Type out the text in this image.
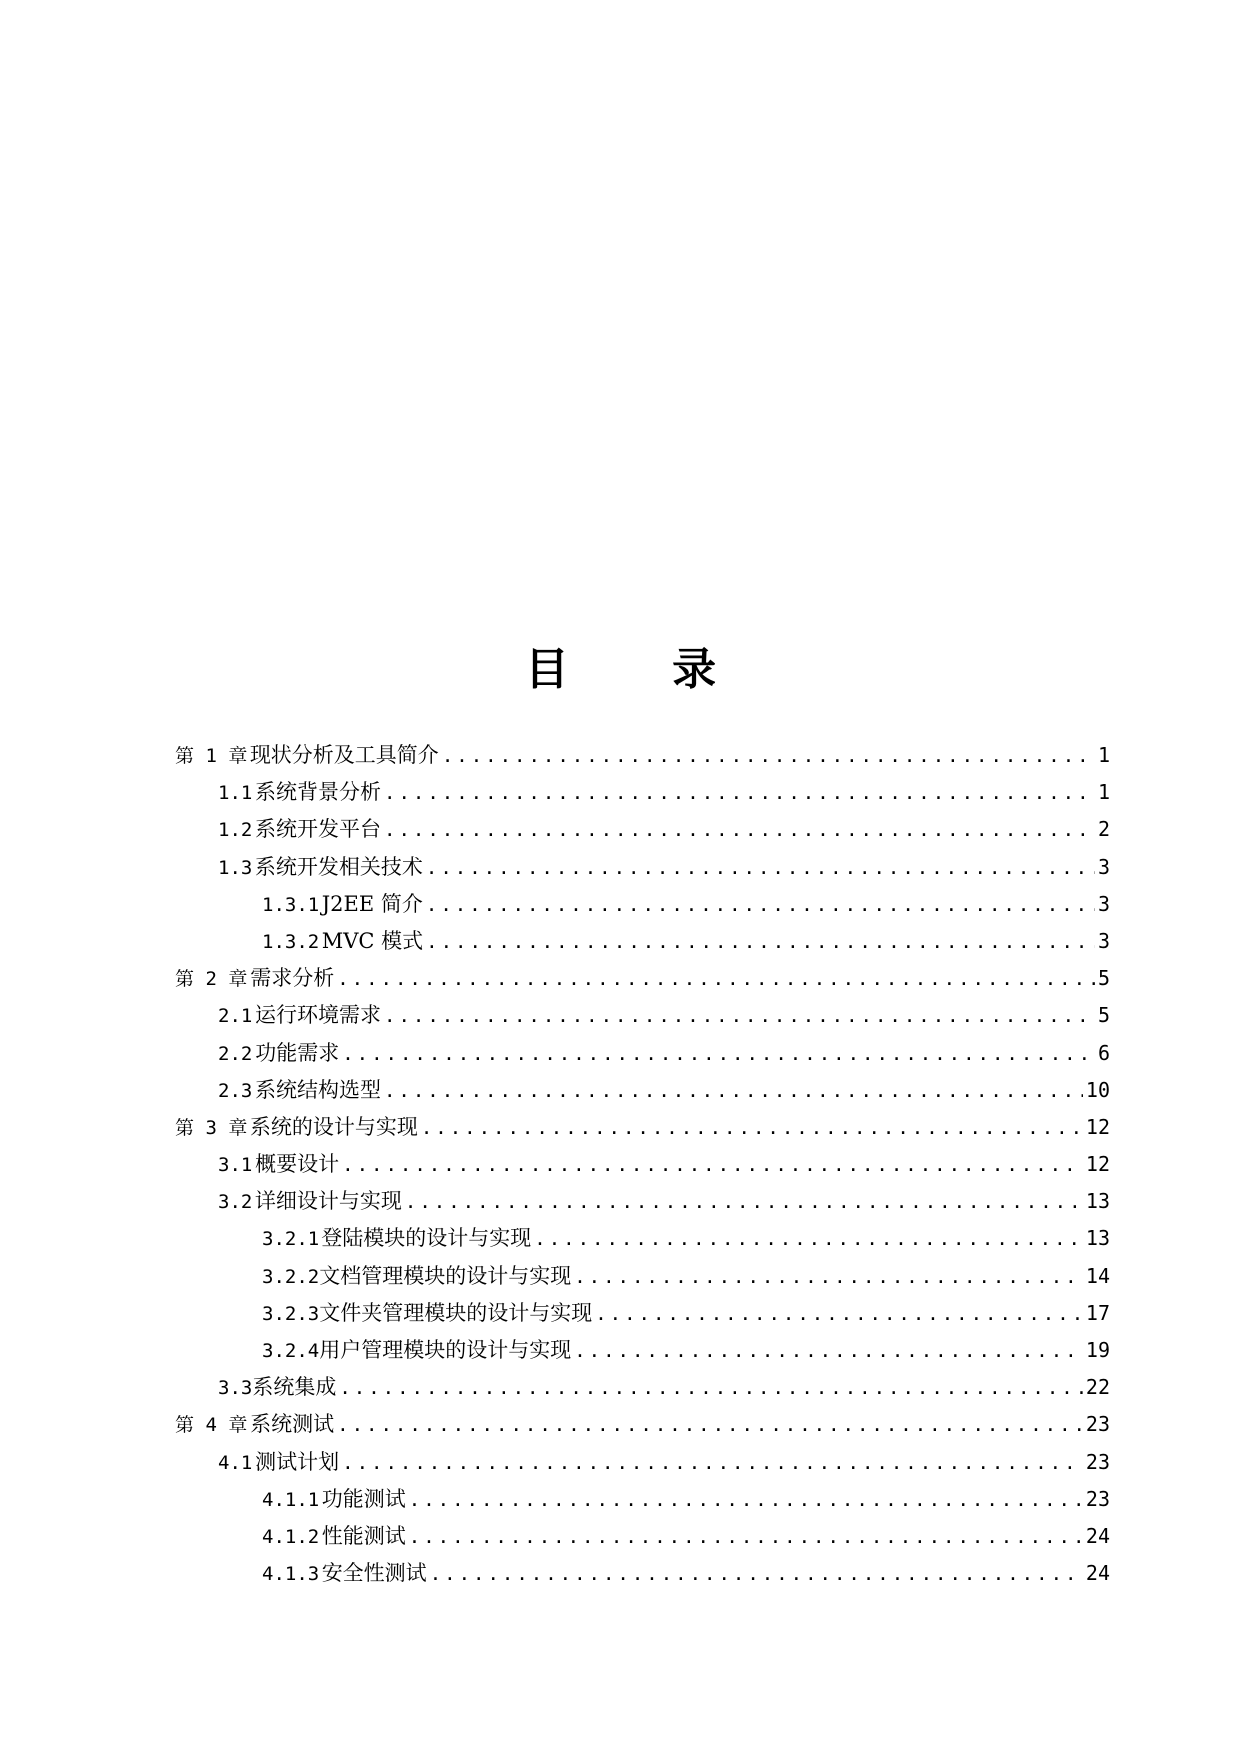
目 录
第 1 章 现状分析及工具简介 .....	1
1.1 系统背景分析 .....	1
1.2 系统开发平台 .....	2
1.3 系统开发相关技术 .....	3
1.3.1 J2EE 简介 .....	3
1.3.2 MVC 模式 .....	3
第 2 章 需求分析 .....	5
2.1 运行环境需求 .....	5
2.2 功能需求 .....	6
2.3 系统结构选型 .....	10
第 3 章 系统的设计与实现 .....	12
3.1 概要设计 .....	12
3.2 详细设计与实现 .....	13
3.2.1 登陆模块的设计与实现 .....	13
3.2.2 文档管理模块的设计与实现 .....	14
3.2.3 文件夹管理模块的设计与实现 .....	17
3.2.4 用户管理模块的设计与实现 .....	19
3.3 系统集成 .....	22
第 4 章 系统测试 .....	23
4.1 测试计划 .....	23
4.1.1 功能测试 .....	23
4.1.2 性能测试 .....	24
4.1.3 安全性测试 .....	24
